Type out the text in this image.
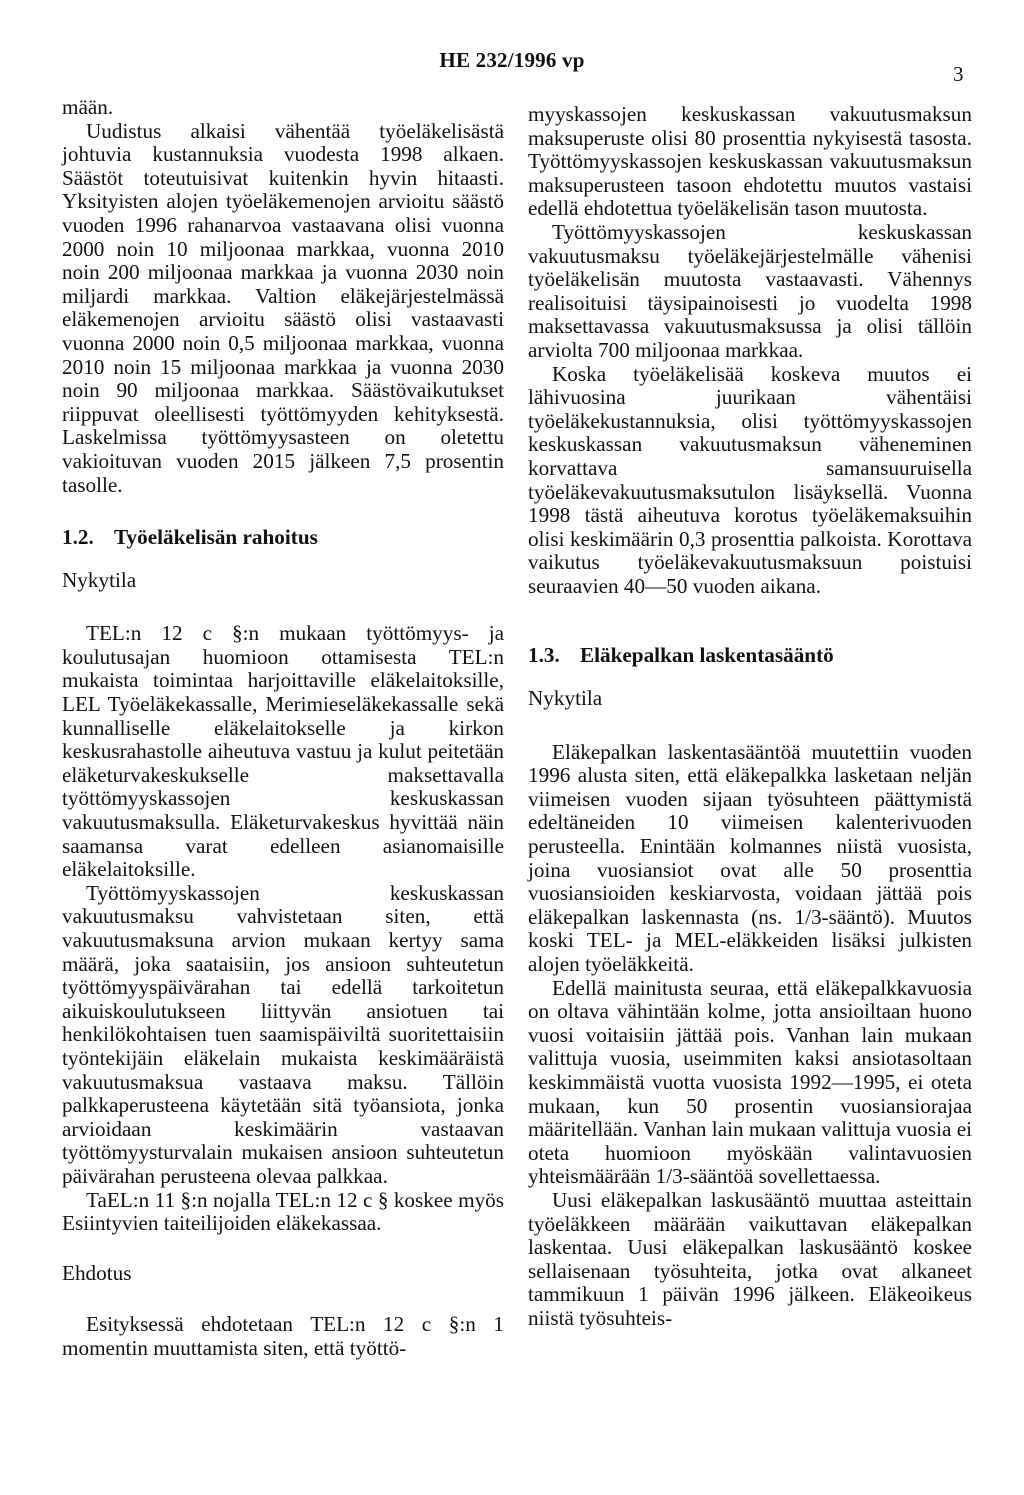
HE 232/1996 vp
3

mään.

Uudistus alkaisi vähentää työeläkelisästä johtuvia kustannuksia vuodesta 1998 alkaen. Säästöt toteutuisivat kuitenkin hyvin hitaasti. Yksityisten alojen työeläkemenojen arvioitu säästö vuoden 1996 rahanarvoa vastaavana olisi vuonna 2000 noin 10 miljoonaa markkaa, vuonna 2010 noin 200 miljoonaa markkaa ja vuonna 2030 noin miljardi markkaa. Valtion eläkejärjestelmässä eläkemenojen arvioitu säästö olisi vastaavasti vuonna 2000 noin 0,5 miljoonaa markkaa, vuonna 2010 noin 15 miljoonaa markkaa ja vuonna 2030 noin 90 miljoonaa markkaa. Säästövaikutukset riippuvat oleellisesti työttömyyden kehityksestä. Laskelmissa työttömyysasteen on oletettu vakioituvan vuoden 2015 jälkeen 7,5 prosentin tasolle.

1.2. Työeläkelisän rahoitus

Nykytila

TEL:n 12 c §:n mukaan työttömyys- ja koulutusajan huomioon ottamisesta TEL:n mukaista toimintaa harjoittaville eläkelaitoksille, LEL Työeläkekassalle, Merimieseläkekassalle sekä kunnalliselle eläkelaitokselle ja kirkon keskusrahastolle aiheutuva vastuu ja kulut peitetään eläketurvakeskukselle maksettavalla työttömyyskassojen keskuskassan vakuutusmaksulla. Eläketurvakeskus hyvittää näin saamansa varat edelleen asianomaisille eläkelaitoksille.

Työttömyyskassojen keskuskassan vakuutusmaksu vahvistetaan siten, että vakuutusmaksuna arvion mukaan kertyy sama määrä, joka saataisiin, jos ansioon suhteutetun työttömyyspäivärahan tai edellä tarkoitetun aikuiskoulutukseen liittyvän ansiotuen tai henkilökohtaisen tuen saamispäiviltä suoritettaisiin työntekijäin eläkelain mukaista keskimääräistä vakuutusmaksua vastaava maksu. Tällöin palkkaperusteena käytetään sitä työansiota, jonka arvioidaan keskimäärin vastaavan työttömyysturvalain mukaisen ansioon suhteutetun päivärahan perusteena olevaa palkkaa.

TaEL:n 11 §:n nojalla TEL:n 12 c § koskee myös Esiintyvien taiteilijoiden eläkekassaa.

Ehdotus

Esityksessä ehdotetaan TEL:n 12 c §:n 1 momentin muuttamista siten, että työttö-

myyskassojen keskuskassan vakuutusmaksun maksuperuste olisi 80 prosenttia nykyisestä tasosta. Työttömyyskassojen keskuskassan vakuutusmaksun maksuperusteen tasoon ehdotettu muutos vastaisi edellä ehdotettua työeläkelisän tason muutosta.

Työttömyyskassojen keskuskassan vakuutusmaksu työeläkejärjestelmälle vähenisi työeläkelisän muutosta vastaavasti. Vähennys realisoituisi täysipainoisesti jo vuodelta 1998 maksettavassa vakuutusmaksussa ja olisi tällöin arviolta 700 miljoonaa markkaa.

Koska työeläkelisää koskeva muutos ei lähivuosina juurikaan vähentäisi työeläkekustannuksia, olisi työttömyyskassojen keskuskassan vakuutusmaksun väheneminen korvattava samansuuruisella työeläkevakuutusmaksutulon lisäyksellä. Vuonna 1998 tästä aiheutuva korotus työeläkemaksuihin olisi keskimäärin 0,3 prosenttia palkoista. Korottava vaikutus työeläkevakuutusmaksuun poistuisi seuraavien 40—50 vuoden aikana.

1.3. Eläkepalkan laskentasääntö

Nykytila

Eläkepalkan laskentasääntöä muutettiin vuoden 1996 alusta siten, että eläkepalkka lasketaan neljän viimeisen vuoden sijaan työsuhteen päättymistä edeltäneiden 10 viimeisen kalenterivuoden perusteella. Enintään kolmannes niistä vuosista, joina vuosiansiot ovat alle 50 prosenttia vuosiansioiden keskiarvosta, voidaan jättää pois eläkepalkan laskennasta (ns. 1/3-sääntö). Muutos koski TEL- ja MEL-eläkkeiden lisäksi julkisten alojen työeläkkeitä.

Edellä mainitusta seuraa, että eläkepalkkavuosia on oltava vähintään kolme, jotta ansioiltaan huono vuosi voitaisiin jättää pois. Vanhan lain mukaan valittuja vuosia, useimmiten kaksi ansiotasoltaan keskimmäistä vuotta vuosista 1992—1995, ei oteta mukaan, kun 50 prosentin vuosiansiorajaa määritellään. Vanhan lain mukaan valittuja vuosia ei oteta huomioon myöskään valintavuosien yhteismäärään 1/3-sääntöä sovellettaessa.

Uusi eläkepalkan laskusääntö muuttaa asteittain työeläkkeen määrään vaikuttavan eläkepalkan laskentaa. Uusi eläkepalkan laskusääntö koskee sellaisenaan työsuhteita, jotka ovat alkaneet tammikuun 1 päivän 1996 jälkeen. Eläkeoikeus niistä työsuhteis-
